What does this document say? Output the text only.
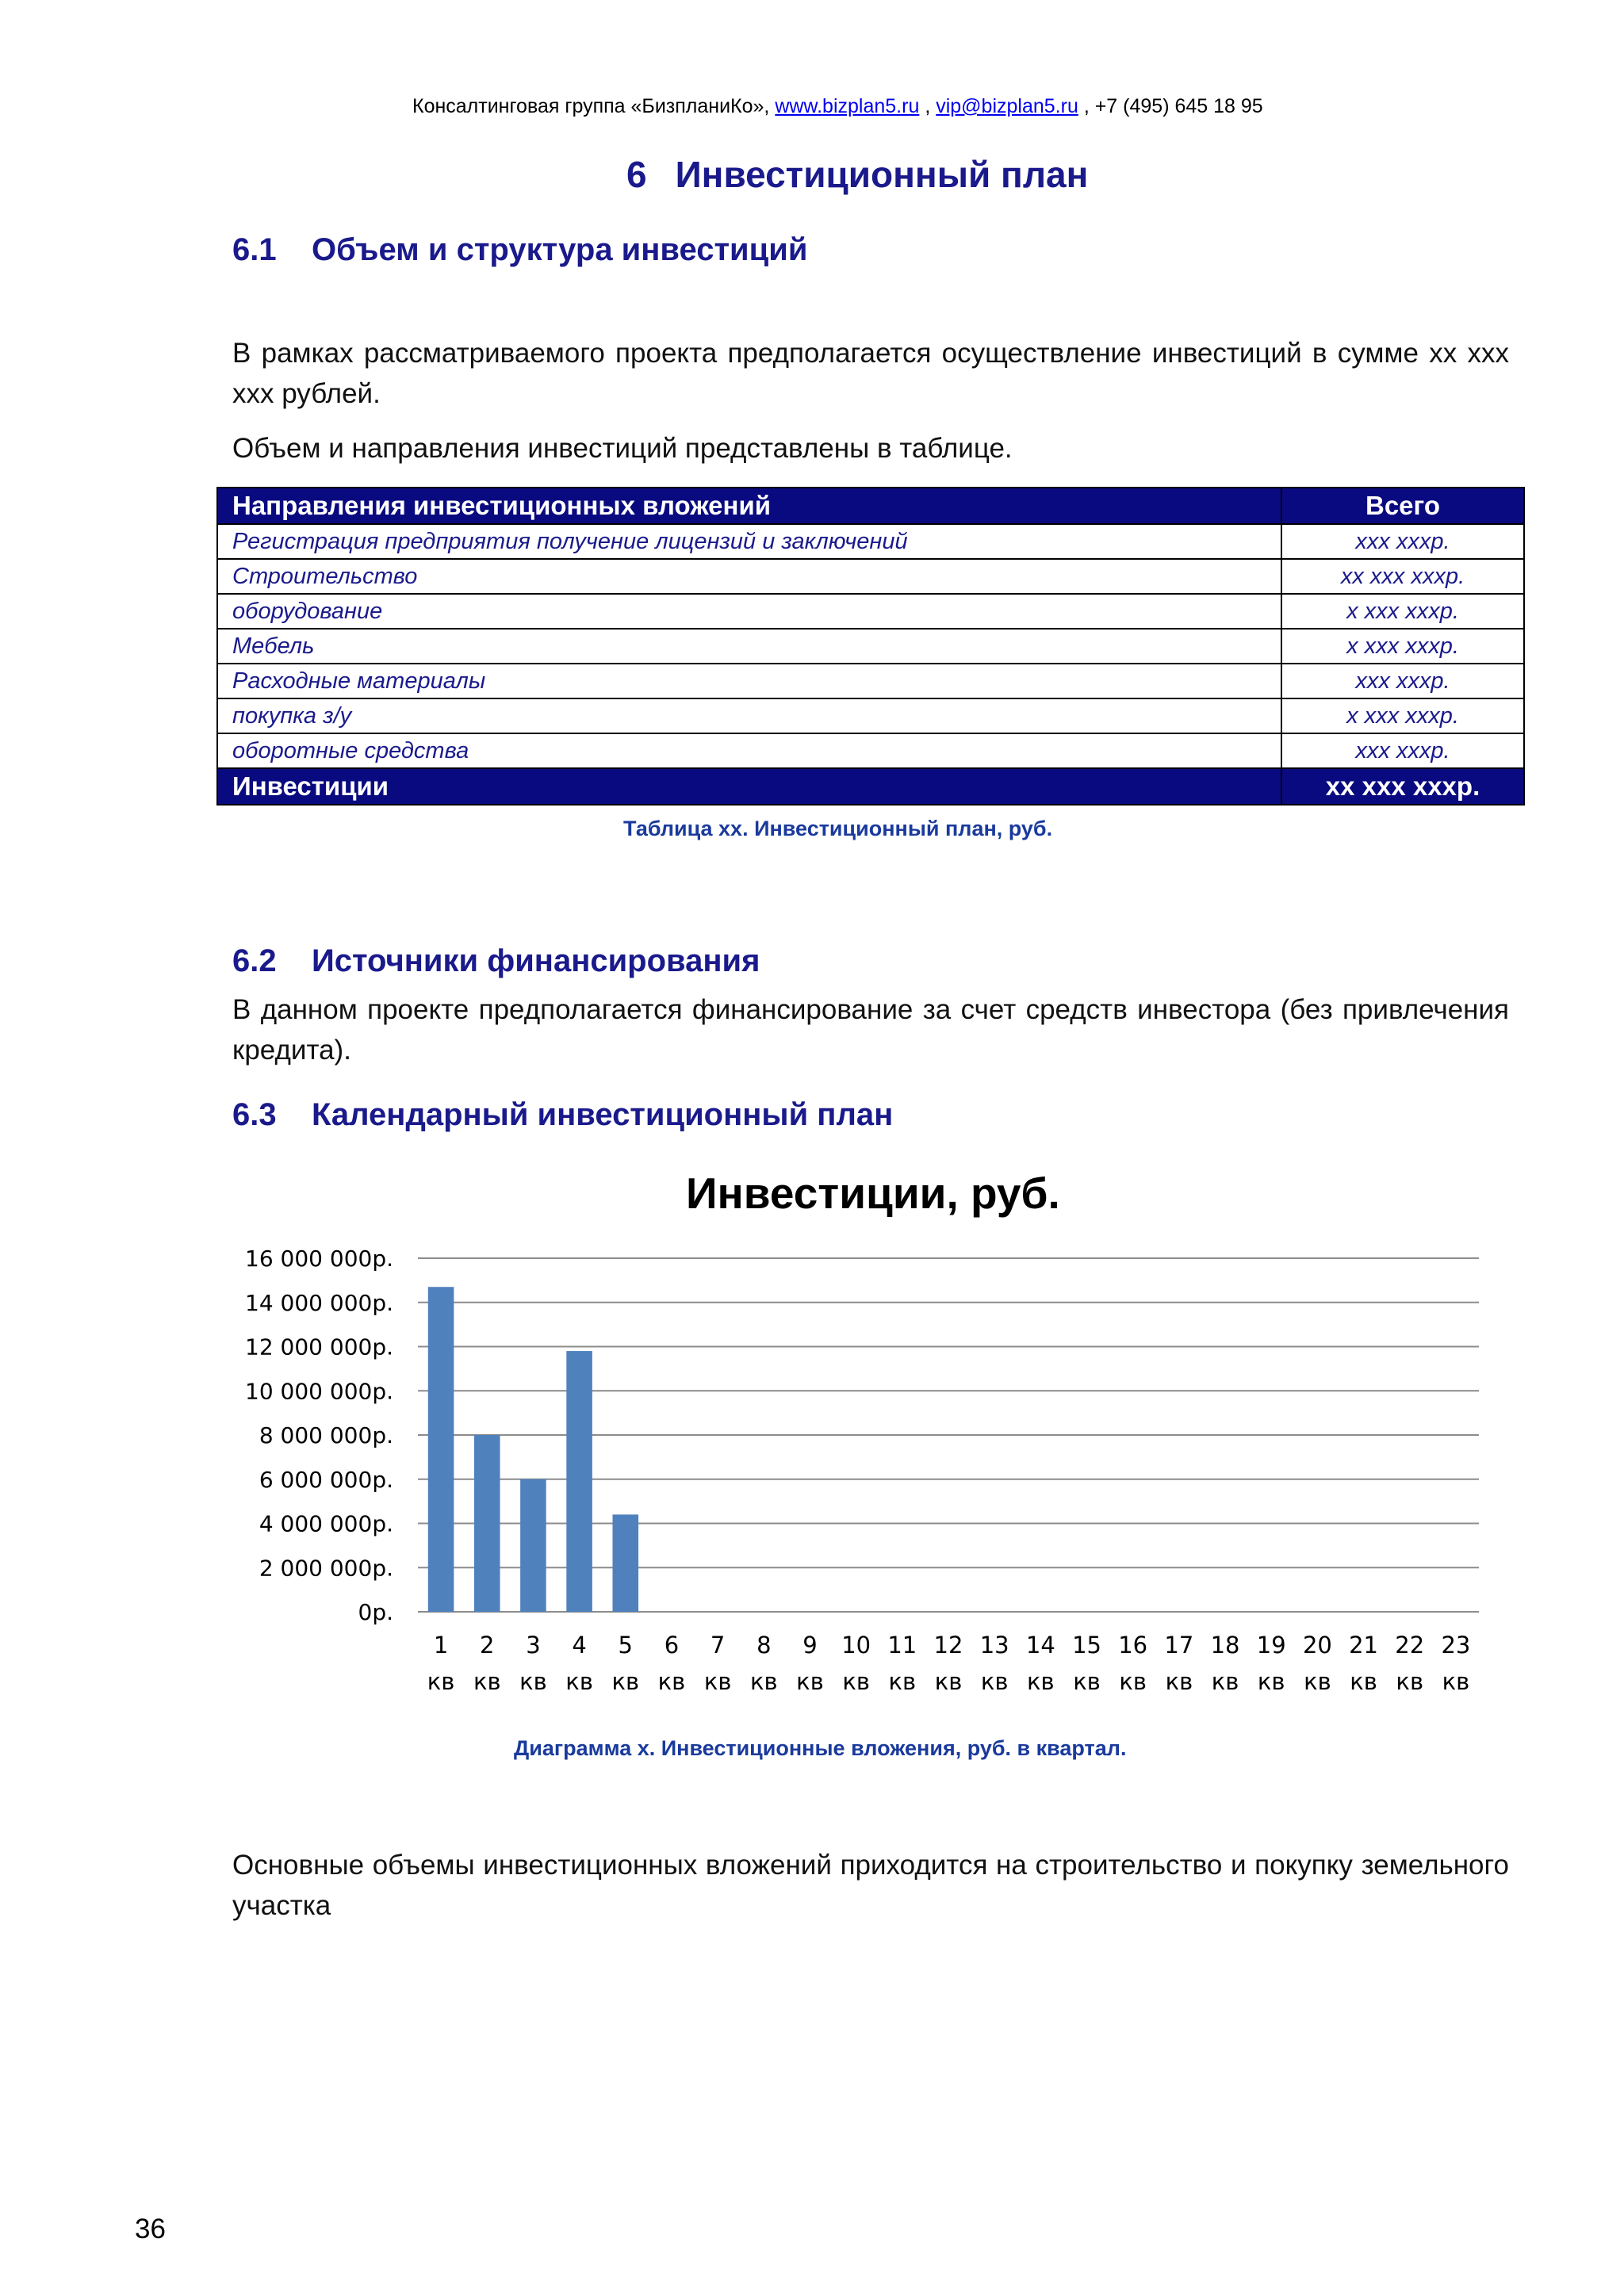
Консалтинговая группа «БизпланиКо», www.bizplan5.ru , vip@bizplan5.ru , +7 (495) 645 18 95
6 Инвестиционный план
6.1 Объем и структура инвестиций
В рамках рассматриваемого проекта предполагается осуществление инвестиций в сумме хх ххх ххх рублей.
Объем и направления инвестиций представлены в таблице.
Направления инвестиционных вложений	Всего
Регистрация предприятия получение лицензий и заключений	ххх хххр.
Строительство	хх ххх хххр.
оборудование	х ххх хххр.
Мебель	х ххх хххр.
Расходные материалы	ххх хххр.
покупка з/у	х ххх хххр.
оборотные средства	ххх хххр.
Инвестиции	хх ххх хххр.
Таблица хх. Инвестиционный план, руб.
6.2 Источники финансирования
В данном проекте предполагается финансирование за счет средств инвестора (без привлечения кредита).
6.3 Календарный инвестиционный план
Инвестиции, руб.
0р.
2 000 000р.
4 000 000р.
6 000 000р.
8 000 000р.
10 000 000р.
12 000 000р.
14 000 000р.
16 000 000р.
1
кв
2
кв
3
кв
4
кв
5
кв
6
кв
7
кв
8
кв
9
кв
10
кв
11
кв
12
кв
13
кв
14
кв
15
кв
16
кв
17
кв
18
кв
19
кв
20
кв
21
кв
22
кв
23
кв
Диаграмма х. Инвестиционные вложения, руб. в квартал.
Основные объемы инвестиционных вложений приходится на строительство и покупку земельного участка
36
